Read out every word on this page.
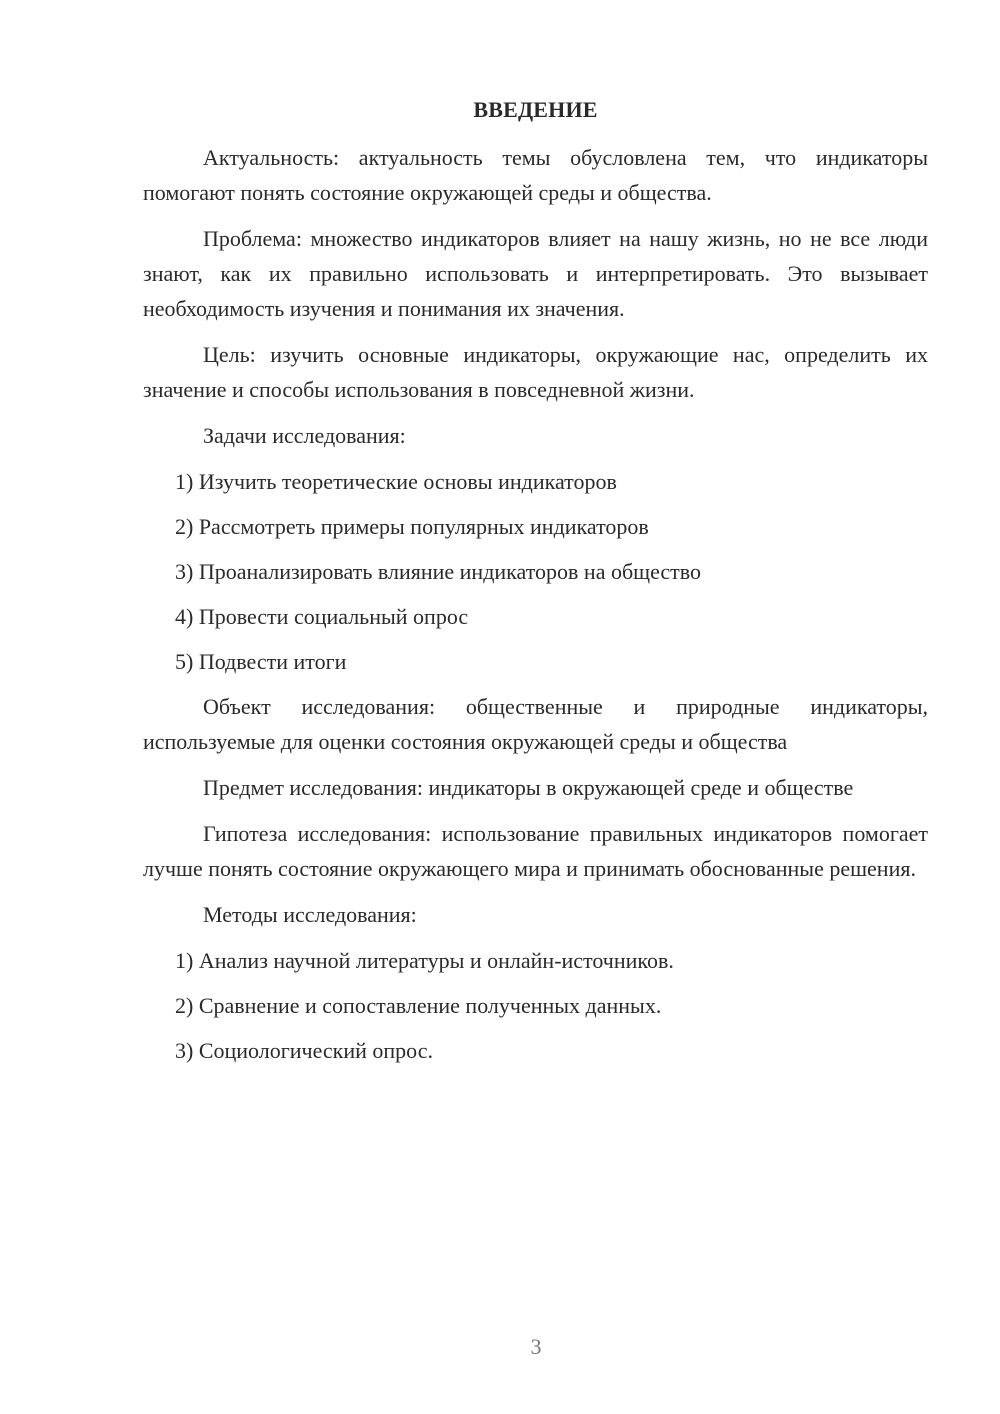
ВВЕДЕНИЕ

Актуальность: актуальность темы обусловлена тем, что индикаторы помогают понять состояние окружающей среды и общества.

Проблема: множество индикаторов влияет на нашу жизнь, но не все люди знают, как их правильно использовать и интерпретировать. Это вызывает необходимость изучения и понимания их значения.

Цель: изучить основные индикаторы, окружающие нас, определить их значение и способы использования в повседневной жизни.

Задачи исследования:

1) Изучить теоретические основы индикаторов
2) Рассмотреть примеры популярных индикаторов
3) Проанализировать влияние индикаторов на общество
4) Провести социальный опрос
5) Подвести итоги

Объект исследования: общественные и природные индикаторы, используемые для оценки состояния окружающей среды и общества

Предмет исследования: индикаторы в окружающей среде и обществе

Гипотеза исследования: использование правильных индикаторов помогает лучше понять состояние окружающего мира и принимать обоснованные решения.

Методы исследования:

1) Анализ научной литературы и онлайн-источников.
2) Сравнение и сопоставление полученных данных.
3) Социологический опрос.
3
